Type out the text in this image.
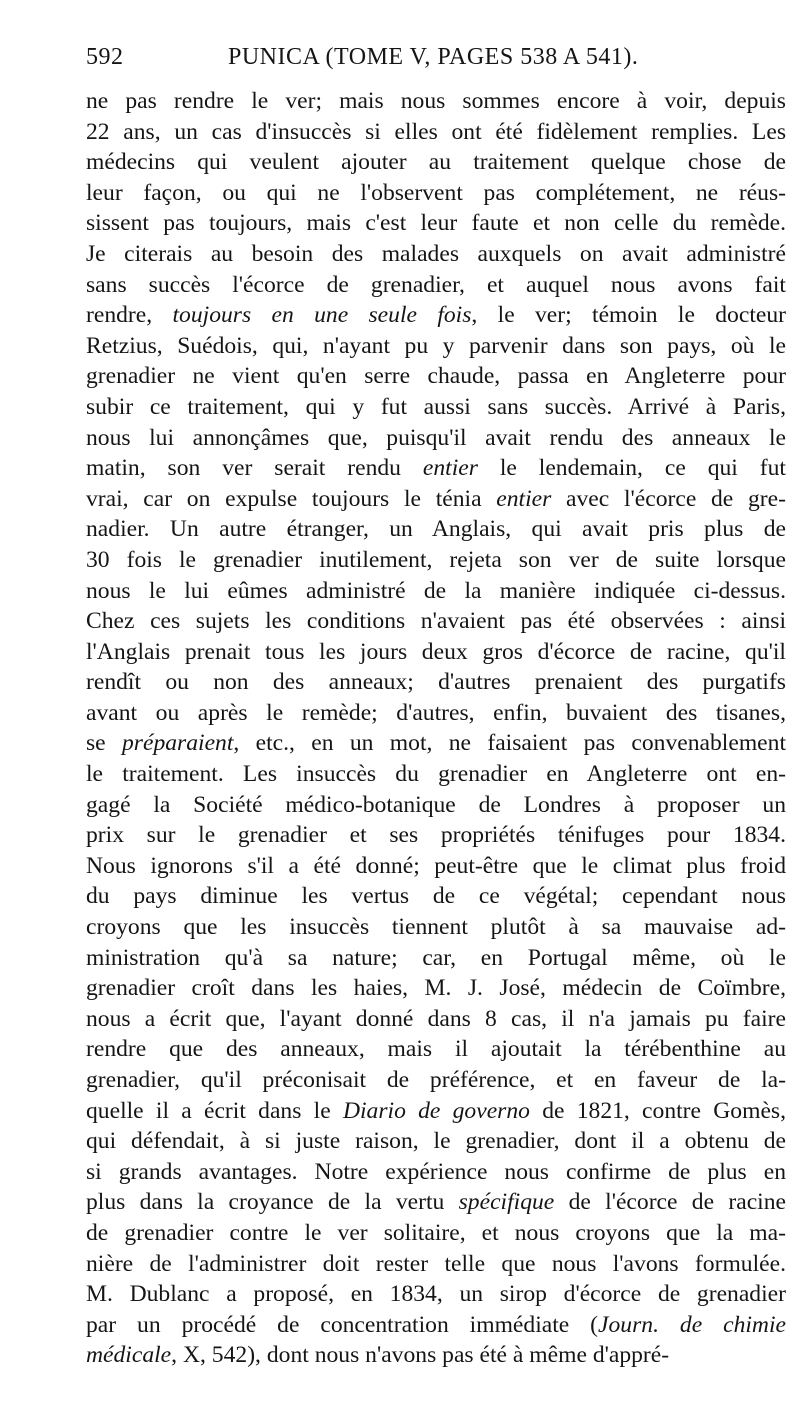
592	PUNICA (TOME V, PAGES 538 A 541).
ne pas rendre le ver; mais nous sommes encore à voir, depuis
22 ans, un cas d'insuccès si elles ont été fidèlement remplies. Les
médecins qui veulent ajouter au traitement quelque chose de
leur façon, ou qui ne l'observent pas complétement, ne réus-
sissent pas toujours, mais c'est leur faute et non celle du remède.
Je citerais au besoin des malades auxquels on avait administré
sans succès l'écorce de grenadier, et auquel nous avons fait
rendre, toujours en une seule fois, le ver; témoin le docteur
Retzius, Suédois, qui, n'ayant pu y parvenir dans son pays, où le
grenadier ne vient qu'en serre chaude, passa en Angleterre pour
subir ce traitement, qui y fut aussi sans succès. Arrivé à Paris,
nous lui annonçâmes que, puisqu'il avait rendu des anneaux le
matin, son ver serait rendu entier le lendemain, ce qui fut
vrai, car on expulse toujours le ténia entier avec l'écorce de gre-
nadier. Un autre étranger, un Anglais, qui avait pris plus de
30 fois le grenadier inutilement, rejeta son ver de suite lorsque
nous le lui eûmes administré de la manière indiquée ci-dessus.
Chez ces sujets les conditions n'avaient pas été observées : ainsi
l'Anglais prenait tous les jours deux gros d'écorce de racine, qu'il
rendît ou non des anneaux; d'autres prenaient des purgatifs
avant ou après le remède; d'autres, enfin, buvaient des tisanes,
se préparaient, etc., en un mot, ne faisaient pas convenablement
le traitement. Les insuccès du grenadier en Angleterre ont en-
gagé la Société médico-botanique de Londres à proposer un
prix sur le grenadier et ses propriétés ténifuges pour 1834.
Nous ignorons s'il a été donné; peut-être que le climat plus froid
du pays diminue les vertus de ce végétal; cependant nous
croyons que les insuccès tiennent plutôt à sa mauvaise ad-
ministration qu'à sa nature; car, en Portugal même, où le
grenadier croît dans les haies, M. J. José, médecin de Coïmbre,
nous a écrit que, l'ayant donné dans 8 cas, il n'a jamais pu faire
rendre que des anneaux, mais il ajoutait la térébenthine au
grenadier, qu'il préconisait de préférence, et en faveur de la-
quelle il a écrit dans le Diario de governo de 1821, contre Gomès,
qui défendait, à si juste raison, le grenadier, dont il a obtenu de
si grands avantages. Notre expérience nous confirme de plus en
plus dans la croyance de la vertu spécifique de l'écorce de racine
de grenadier contre le ver solitaire, et nous croyons que la ma-
nière de l'administrer doit rester telle que nous l'avons formulée.
M. Dublanc a proposé, en 1834, un sirop d'écorce de grenadier
par un procédé de concentration immédiate (Journ. de chimie
médicale, X, 542), dont nous n'avons pas été à même d'appré-
